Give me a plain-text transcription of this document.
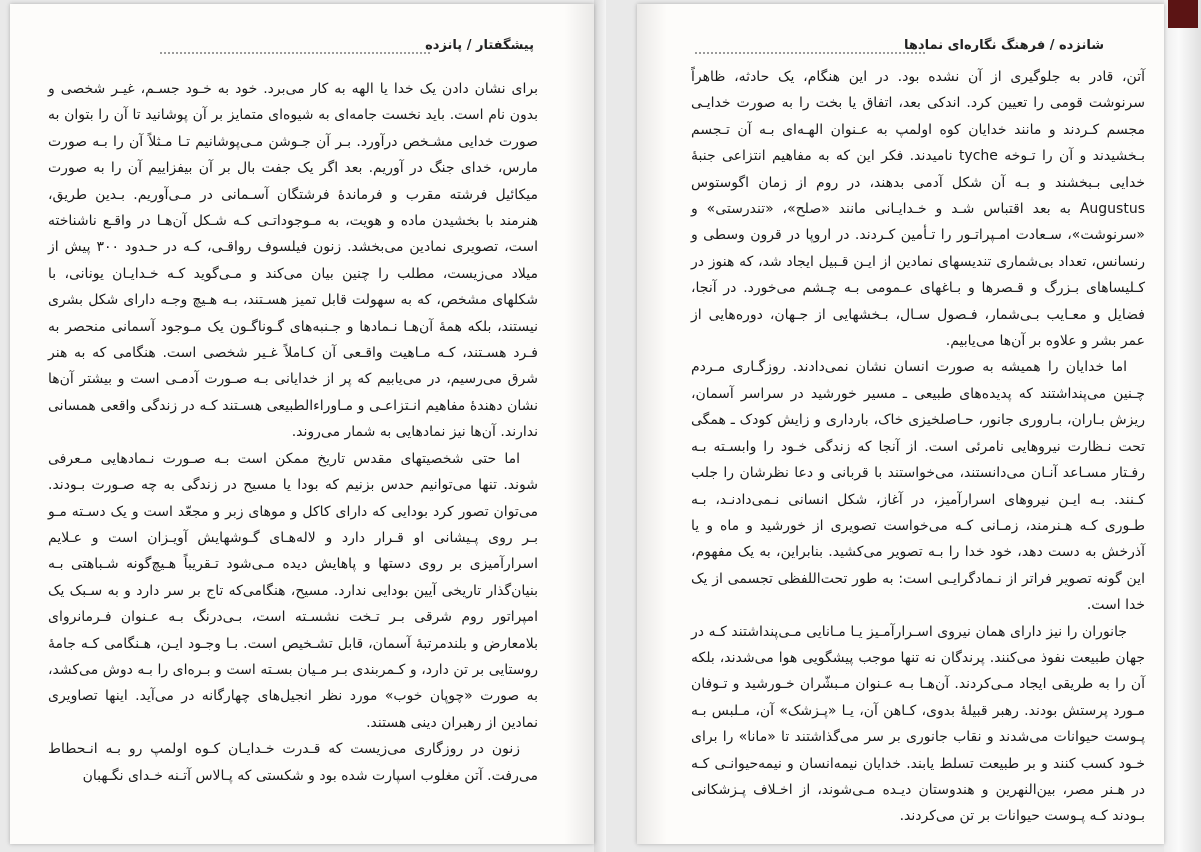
پیشگفتار / پانزده

برای نشان دادن یک خدا یا الهه به کار می‌برد. خود به خـود جسـم، غیـر شخصی و بدون نام است. باید نخست جامه‌ای به شیوه‌ای متمایز بر آن پوشانید تا آن را بتوان به صورت خدایی مشـخص درآورد. بـر آن جـوشن مـی‌پوشانیم تـا مـثلاً آن را بـه صورت مارس، خدای جنگ در آوریم. بعد اگر یک جفت بال بر آن بیفزاییم آن را به صورت میکائیل فرشته مقرب و فرمانده‌ٔ فرشتگان آسـمانی در مـی‌آوریم. بـدین طریق، هنرمند با بخشیدن ماده و هویت، به مـوجوداتـی کـه شـکل آن‌هـا در واقـع ناشناخته است، تصویری نمادین می‌بخشد. زنون فیلسوف رواقـی، کـه در حـدود ۳۰۰ پیش از میلاد می‌زیست، مطلب را چنین بیان می‌کند و مـی‌گوید کـه خـدایـان یونانی، با شکلهای مشخص، که به سهولت قابل تمیز هسـتند، بـه هـیچ وجـه دارای شکل بشری نیستند، بلکه همهٔ آن‌هـا نـمادها و جـنبه‌های گـوناگـون یک مـوجود آسمانی منحصر به فـرد هسـتند، کـه مـاهیت واقـعی آن کـاملاً غـیر شخصی است. هنگامی که به هنر شرق می‌رسیم، در می‌یابیم که پر از خدایانی بـه صـورت آدمـی است و بیشتر آن‌ها نشان دهندهٔ مفاهیم انـتزاعـی و مـاوراءالطبیعی هسـتند کـه در زندگی واقعی همسانی ندارند. آن‌ها نیز نمادهایی به شمار می‌روند.

اما حتی شخصیتهای مقدس تاریخ ممکن است بـه صـورت نـمادهایی مـعرفی شوند. تنها می‌توانیم حدس بزنیم که بودا یا مسیح در زندگی به چه صـورت بـودند. می‌توان تصور کرد بودایی که دارای کاکل و موهای زبر و مجعّد است و یک دسـته مـو بـر روی پـیشانی او قـرار دارد و لاله‌هـای گـوشهایش آویـزان است و عـلایم اسرارآمیزی بر روی دستها و پاهایش دیده مـی‌شود تـقریباً هـیچ‌گونه شـباهتی بـه بنیان‌گذار تاریخی آیین بودایی ندارد. مسیح، هنگامی‌که تاج بر سر دارد و به سـبک یک امپراتور روم شرقی بـر تـخت نشسـته است، بـی‌درنگ بـه عـنوان فـرمانروای بلامعارض و بلندمرتبهٔ آسمان، قابل تشـخیص است. بـا وجـود ایـن، هـنگامی کـه جامهٔ روستایی بر تن دارد، و کـمربندی بـر مـیان بسـته است و بـره‌ای را بـه دوش می‌کشد، به صورت «چوپان خوب» مورد نظر انجیل‌های چهارگانه در می‌آید. اینها تصاویری نمادین از رهبران دینی هستند.

زنون در روزگاری می‌زیست که قـدرت خـدایـان کـوه اولمپ رو بـه انـحطاط می‌رفت. آتن مغلوب اسپارت شده بود و شکستی که پـالاس آتـنه خـدای نگـهبان

شانزده / فرهنگ نگاره‌ای نمادها

آتن، قادر به جلوگیری از آن نشده بود. در این هنگام، یک حادثه، ظاهراً سرنوشت قومی را تعیین کرد. اندکی بعد، اتفاق یا بخت را به صورت خدایـی مجسم کـردند و مانند خدایان کوه اولمپ به عـنوان الهـه‌ای بـه آن تـجسم بـخشیدند و آن را تـوخه tyche نامیدند. فکر این که به مفاهیم انتزاعی جنبهٔ خدایی بـبخشند و بـه آن شکل آدمی بدهند، در روم از زمان اگوستوس Augustus به بعد اقتباس شـد و خـدایـانی مانند «صلح»، «تندرستی» و «سرنوشت»، سـعادت امـپراتـور را تـأمین کـردند. در اروپا در قرون وسطی و رنسانس، تعداد بی‌شماری تندیسهای نمادین از ایـن قـبیل ایجاد شد، که هنوز در کـلیساهای بـزرگ و قـصرها و بـاغهای عـمومی بـه چـشم می‌خورد. در آنجا، فضایل و معـایب بـی‌شمار، فـصول سـال، بـخشهایی از جـهان، دوره‌هایی از عمر بشر و علاوه بر آن‌ها می‌یابیم.

اما خدایان را همیشه به صورت انسان نشان نمی‌دادند. روزگـاری مـردم چـنین می‌پنداشتند که پدیده‌های طبیعی ـ مسیر خورشید در سراسر آسمان، ریزش بـاران، بـاروری جانور، حـاصلخیزی خاک، بارداری و زایش کودک ـ همگی تحت نـظارت نیروهایی نامرئی است. از آنجا که زندگی خـود را وابسـته بـه رفـتار مسـاعد آنـان می‌دانستند، می‌خواستند با قربانی و دعا نظرشان را جلب کـنند. بـه ایـن نیروهای اسرارآمیز، در آغاز، شکل انسانی نـمی‌دادنـد، بـه طـوری کـه هـنرمند، زمـانی کـه می‌خواست تصویری از خورشید و ماه و یا آذرخش به دست دهد، خود خدا را بـه تصویر می‌کشید. بنابراین، به یک مفهوم، این گونه تصویر فراتر از نـمادگرایـی است: به طور تحت‌اللفظی تجسمی از یک خدا است.

جانوران را نیز دارای همان نیروی اسـرارآمـیز یـا مـانایی مـی‌پنداشتند کـه در جهان طبیعت نفوذ می‌کنند. پرندگان نه تنها موجب پیشگویی هوا می‌شدند، بلکه آن را به طریقی ایجاد مـی‌کردند. آن‌هـا بـه عـنوان مـبشّران خـورشید و تـوفان مـورد پرستش بودند. رهبر قبیلهٔ بدوی، کـاهن آن، یـا «پـزشک» آن، مـلبس بـه پـوست حیوانات می‌شدند و نقاب جانوری بر سر می‌گذاشتند تا «مانا» را برای خـود کسب کنند و بر طبیعت تسلط یابند. خدایان نیمه‌انسان و نیمه‌حیوانـی کـه در هـنر مصر، بین‌النهرین و هندوستان دیـده مـی‌شوند، از اخـلاف پـزشکانی بـودند کـه پـوست حیوانات بر تن می‌کردند.
